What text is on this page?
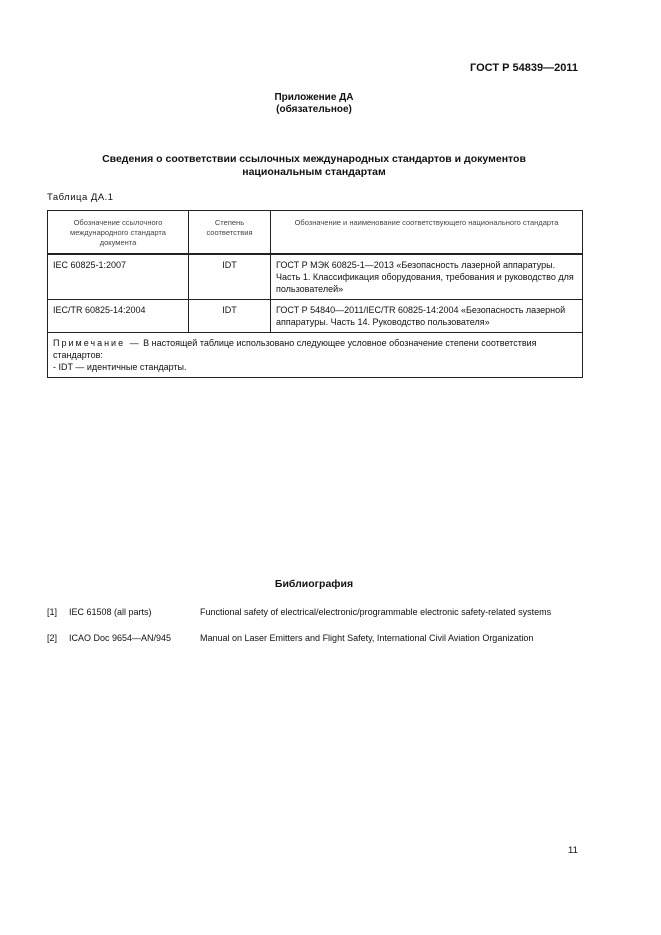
ГОСТ Р 54839—2011
Приложение ДА
(обязательное)
Сведения о соответствии ссылочных международных стандартов и документов
национальным стандартам
Таблица ДА.1
Обозначение ссылочного международного стандарта документа	Степень соответствия	Обозначение и наименование соответствующего национального стандарта
IEC 60825-1:2007	IDT	ГОСТ Р МЭК 60825-1—2013 «Безопасность лазерной аппаратуры. Часть 1. Классификация оборудования, требования и руководство для пользователей»
IEC/TR 60825-14:2004	IDT	ГОСТ Р 54840—2011/IEC/TR 60825-14:2004 «Безопасность лазерной аппаратуры. Часть 14. Руководство пользователя»
Примечание — В настоящей таблице использовано следующее условное обозначение степени соответствия стандартов:
- IDT — идентичные стандарты.		
Библиография
[1] IEC 61508 (all parts)	Functional safety of electrical/electronic/programmable electronic safety-related systems
[2] ICAO Doc 9654—AN/945	Manual on Laser Emitters and Flight Safety, International Civil Aviation Organization
11
